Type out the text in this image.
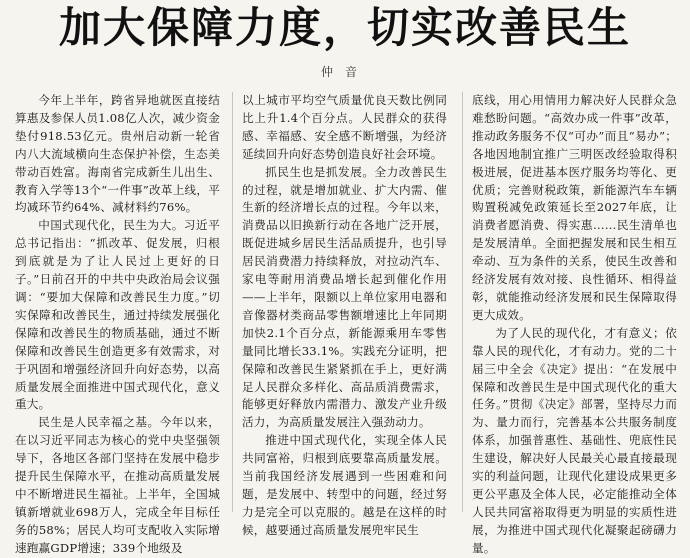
加大保障力度，切实改善民生
仲音

今年上半年，跨省异地就医直接结算惠及参保人员1.08亿人次，减少资金垫付918.53亿元。贵州启动新一轮省内八大流域横向生态保护补偿，生态美带动百姓富。海南省完成新生儿出生、教育入学等13个“一件事”改革上线，平均减环节约64%、减材料约76%。

中国式现代化，民生为大。习近平总书记指出：“抓改革、促发展，归根到底就是为了让人民过上更好的日子。”日前召开的中共中央政治局会议强调：“要加大保障和改善民生力度。”切实保障和改善民生，通过持续发展强化保障和改善民生的物质基础，通过不断保障和改善民生创造更多有效需求，对于巩固和增强经济回升向好态势，以高质量发展全面推进中国式现代化，意义重大。

民生是人民幸福之基。今年以来，在以习近平同志为核心的党中央坚强领导下，各地区各部门坚持在发展中稳步提升民生保障水平，在推动高质量发展中不断增进民生福祉。上半年，全国城镇新增就业698万人，完成全年目标任务的58%；居民人均可支配收入实际增速跑赢GDP增速；339个地级及

以上城市平均空气质量优良天数比例同比上升1.4个百分点。人民群众的获得感、幸福感、安全感不断增强，为经济延续回升向好态势创造良好社会环境。

抓民生也是抓发展。全力改善民生的过程，就是增加就业、扩大内需、催生新的经济增长点的过程。今年以来，消费品以旧换新行动在各地广泛开展，既促进城乡居民生活品质提升，也引导居民消费潜力持续释放，对拉动汽车、家电等耐用消费品增长起到催化作用——上半年，限额以上单位家用电器和音像器材类商品零售额增速比上年同期加快2.1个百分点，新能源乘用车零售量同比增长33.1%。实践充分证明，把保障和改善民生紧紧抓在手上，更好满足人民群众多样化、高品质消费需求，能够更好释放内需潜力、激发产业升级活力，为高质量发展注入强劲动力。

推进中国式现代化，实现全体人民共同富裕，归根到底要靠高质量发展。当前我国经济发展遇到一些困难和问题，是发展中、转型中的问题，经过努力是完全可以克服的。越是在这样的时候，越要通过高质量发展兜牢民生

底线，用心用情用力解决好人民群众急难愁盼问题。“高效办成一件事”改革，推动政务服务不仅“可办”而且“易办”；各地因地制宜推广三明医改经验取得积极进展，促进基本医疗服务均等化、更优质；完善财税政策，新能源汽车车辆购置税减免政策延长至2027年底，让消费者愿消费、得实惠……民生清单也是发展清单。全面把握发展和民生相互牵动、互为条件的关系，使民生改善和经济发展有效对接、良性循环、相得益彰，就能推动经济发展和民生保障取得更大成效。

为了人民的现代化，才有意义；依靠人民的现代化，才有动力。党的二十届三中全会《决定》提出：“在发展中保障和改善民生是中国式现代化的重大任务。”贯彻《决定》部署，坚持尽力而为、量力而行，完善基本公共服务制度体系，加强普惠性、基础性、兜底性民生建设，解决好人民最关心最直接最现实的利益问题，让现代化建设成果更多更公平惠及全体人民，必定能推动全体人民共同富裕取得更为明显的实质性进展，为推进中国式现代化凝聚起磅礴力量。
